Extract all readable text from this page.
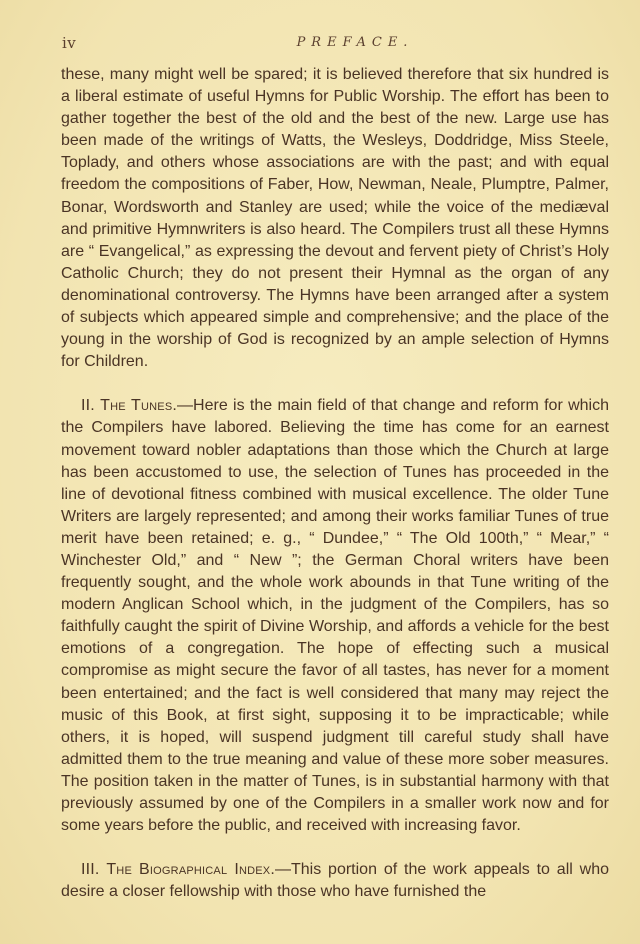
iv	PREFACE.

these, many might well be spared; it is believed therefore that six hundred is a liberal estimate of useful Hymns for Public Worship. The effort has been to gather together the best of the old and the best of the new. Large use has been made of the writings of Watts, the Wesleys, Doddridge, Miss Steele, Toplady, and others whose associations are with the past; and with equal freedom the compositions of Faber, How, Newman, Neale, Plumptre, Palmer, Bonar, Wordsworth and Stanley are used; while the voice of the mediæval and primitive Hymnwriters is also heard. The Compilers trust all these Hymns are “ Evangelical,” as expressing the devout and fervent piety of Christ’s Holy Catholic Church; they do not present their Hymnal as the organ of any denominational controversy. The Hymns have been arranged after a system of subjects which appeared simple and comprehensive; and the place of the young in the worship of God is recognized by an ample selection of Hymns for Children.

II. The Tunes.—Here is the main field of that change and reform for which the Compilers have labored. Believing the time has come for an earnest movement toward nobler adaptations than those which the Church at large has been accustomed to use, the selection of Tunes has proceeded in the line of devotional fitness combined with musical excellence. The older Tune Writers are largely represented; and among their works familiar Tunes of true merit have been retained; e. g., “ Dundee,” “ The Old 100th,” “ Mear,” “ Winchester Old,” and “ New ”; the German Choral writers have been frequently sought, and the whole work abounds in that Tune writing of the modern Anglican School which, in the judgment of the Compilers, has so faithfully caught the spirit of Divine Worship, and affords a vehicle for the best emotions of a congregation. The hope of effecting such a musical compromise as might secure the favor of all tastes, has never for a moment been entertained; and the fact is well considered that many may reject the music of this Book, at first sight, supposing it to be impracticable; while others, it is hoped, will suspend judgment till careful study shall have admitted them to the true meaning and value of these more sober measures. The position taken in the matter of Tunes, is in substantial harmony with that previously assumed by one of the Compilers in a smaller work now and for some years before the public, and received with increasing favor.

III. The Biographical Index.—This portion of the work appeals to all who desire a closer fellowship with those who have furnished the
